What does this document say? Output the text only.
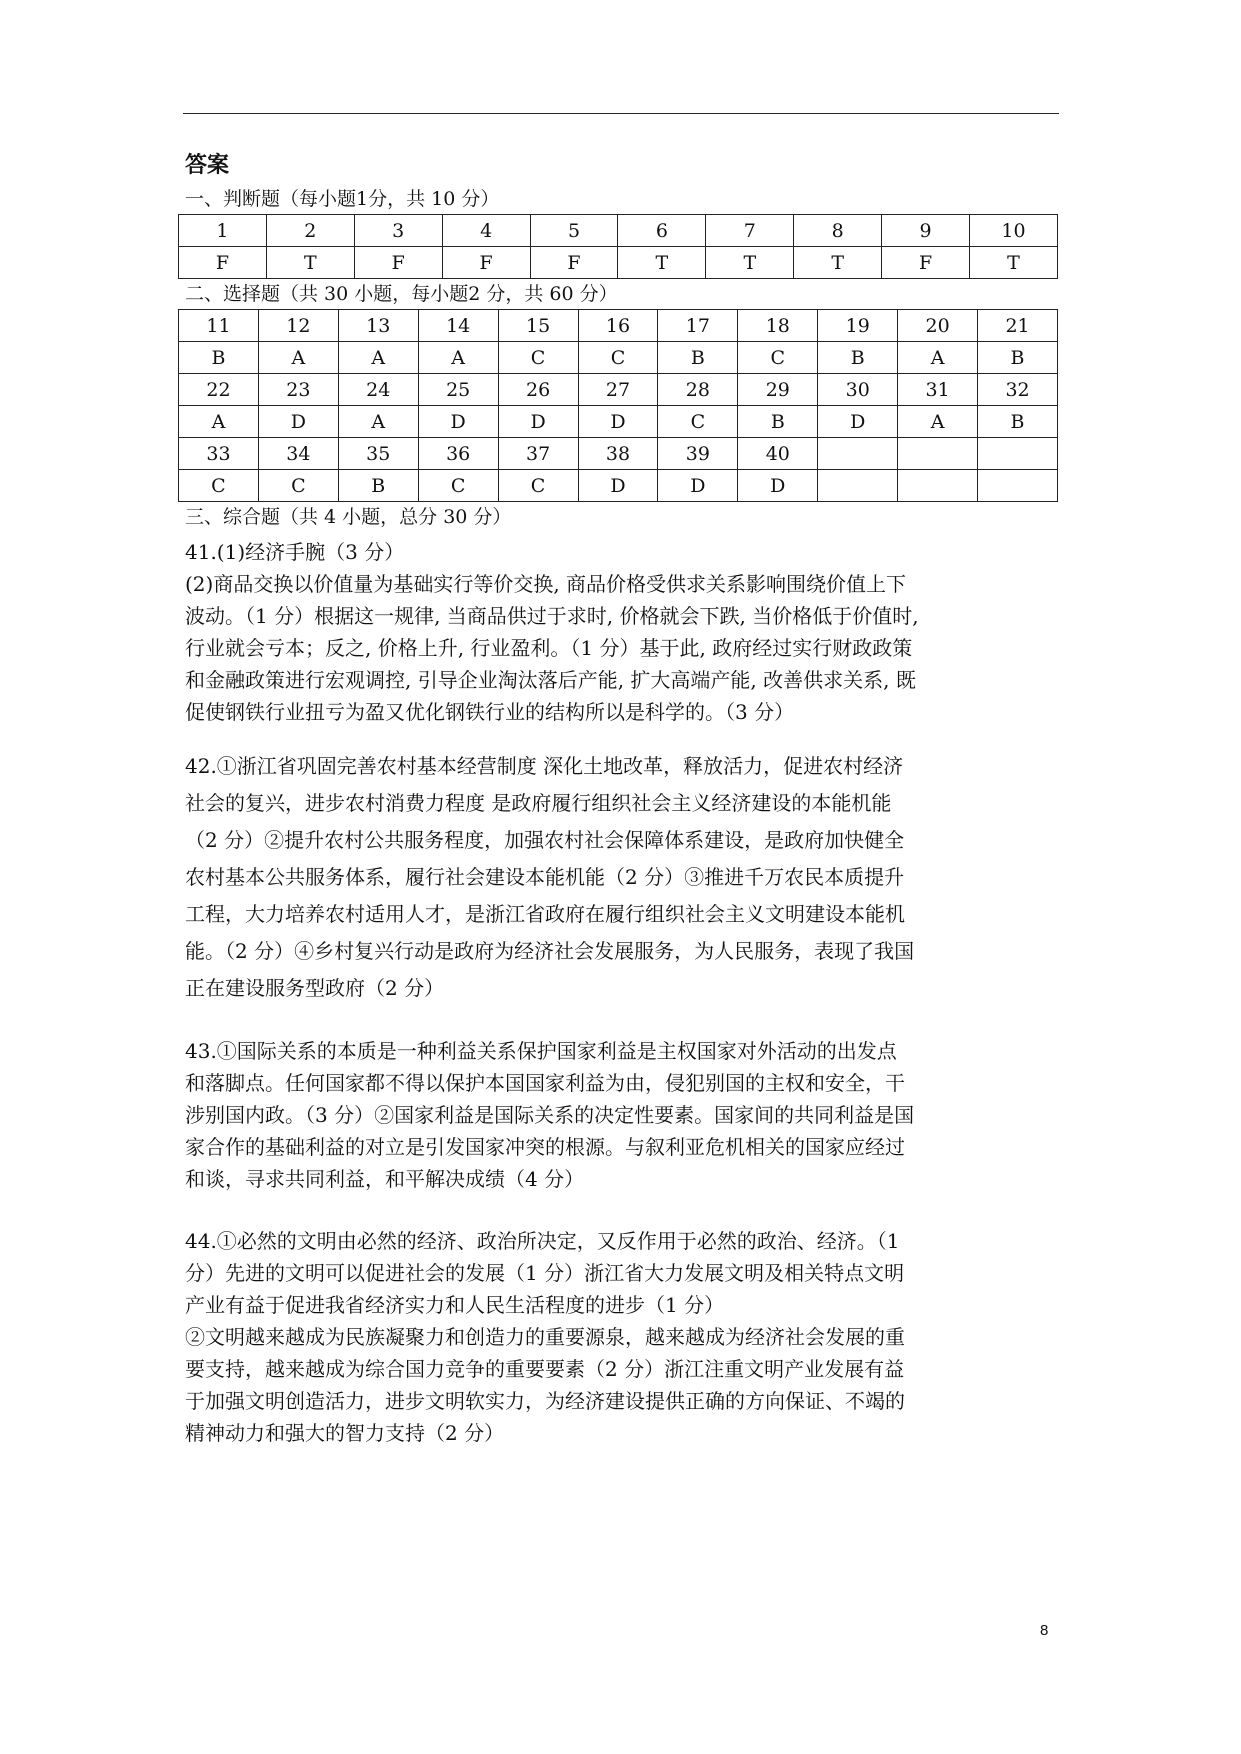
答案
一、判断题（每小题1分，共 10 分）
1	2	3	4	5	6	7	8	9	10
F	T	F	F	F	T	T	T	F	T
二、选择题（共 30 小题，每小题2 分，共 60 分）
11	12	13	14	15	16	17	18	19	20	21
B	A	A	A	C	C	B	C	B	A	B
22	23	24	25	26	27	28	29	30	31	32
A	D	A	D	D	D	C	B	D	A	B
33	34	35	36	37	38	39	40			
C	C	B	C	C	D	D	D			
三、综合题（共 4 小题，总分 30 分）
41.(1)经济手腕（3 分）
(2)商品交换以价值量为基础实行等价交换, 商品价格受供求关系影响围绕价值上下
波动。（1 分）根据这一规律, 当商品供过于求时, 价格就会下跌, 当价格低于价值时,
行业就会亏本；反之, 价格上升, 行业盈利。（1 分）基于此, 政府经过实行财政政策
和金融政策进行宏观调控, 引导企业淘汰落后产能, 扩大高端产能, 改善供求关系, 既
促使钢铁行业扭亏为盈又优化钢铁行业的结构所以是科学的。（3 分）
42.①浙江省巩固完善农村基本经营制度 深化土地改革，释放活力，促进农村经济
社会的复兴，进步农村消费力程度 是政府履行组织社会主义经济建设的本能机能
（2 分）②提升农村公共服务程度，加强农村社会保障体系建设，是政府加快健全
农村基本公共服务体系，履行社会建设本能机能（2 分）③推进千万农民本质提升
工程，大力培养农村适用人才，是浙江省政府在履行组织社会主义文明建设本能机
能。（2 分）④乡村复兴行动是政府为经济社会发展服务，为人民服务，表现了我国
正在建设服务型政府（2 分）
43.①国际关系的本质是一种利益关系保护国家利益是主权国家对外活动的出发点
和落脚点。任何国家都不得以保护本国国家利益为由，侵犯别国的主权和安全，干
涉别国内政。（3 分）②国家利益是国际关系的决定性要素。国家间的共同利益是国
家合作的基础利益的对立是引发国家冲突的根源。与叙利亚危机相关的国家应经过
和谈，寻求共同利益，和平解决成绩（4 分）
44.①必然的文明由必然的经济、政治所决定，又反作用于必然的政治、经济。（1
分）先进的文明可以促进社会的发展（1 分）浙江省大力发展文明及相关特点文明
产业有益于促进我省经济实力和人民生活程度的进步（1 分）
②文明越来越成为民族凝聚力和创造力的重要源泉，越来越成为经济社会发展的重
要支持，越来越成为综合国力竞争的重要要素（2 分）浙江注重文明产业发展有益
于加强文明创造活力，进步文明软实力，为经济建设提供正确的方向保证、不竭的
精神动力和强大的智力支持（2 分）
8
